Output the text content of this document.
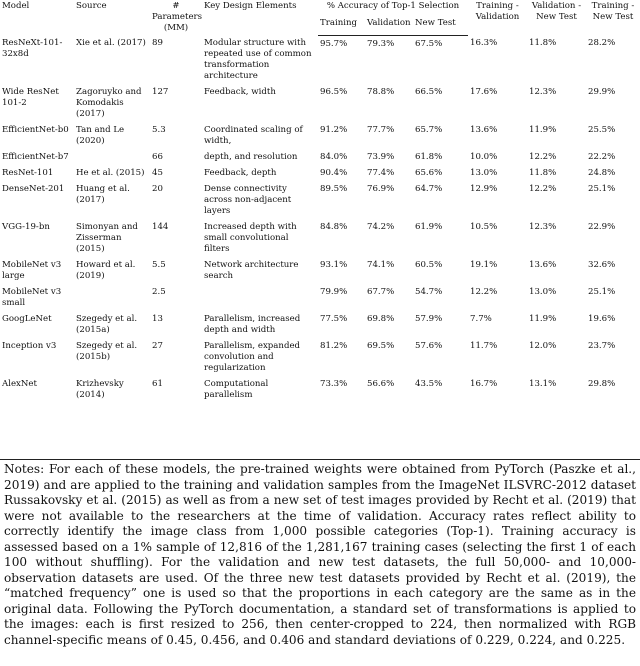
Model	Source	# Parameters (MM)	Key Design Elements	% Accuracy of Top-1 Selection			Training -Validation	Validation -New Test	Training -New Test
				Training	Validation	New Test			
ResNeXt-101-32x8d	Xie et al. (2017)	89	Modular structure with repeated use of common transformation architecture	95.7%	79.3%	67.5%	16.3%	11.8%	28.2%
Wide ResNet 101-2	Zagoruyko and Komodakis (2017)	127	Feedback, width	96.5%	78.8%	66.5%	17.6%	12.3%	29.9%
EfficientNet-b0	Tan and Le (2020)	5.3	Coordinated scaling of width,	91.2%	77.7%	65.7%	13.6%	11.9%	25.5%
EfficientNet-b7		66	depth, and resolution	84.0%	73.9%	61.8%	10.0%	12.2%	22.2%
ResNet-101	He et al. (2015)	45	Feedback, depth	90.4%	77.4%	65.6%	13.0%	11.8%	24.8%
DenseNet-201	Huang et al. (2017)	20	Dense connectivity across non-adjacent layers	89.5%	76.9%	64.7%	12.9%	12.2%	25.1%
VGG-19-bn	Simonyan and Zisserman (2015)	144	Increased depth with small convolutional filters	84.8%	74.2%	61.9%	10.5%	12.3%	22.9%
MobileNet v3 large	Howard et al. (2019)	5.5	Network architecture search	93.1%	74.1%	60.5%	19.1%	13.6%	32.6%
MobileNet v3 small		2.5		79.9%	67.7%	54.7%	12.2%	13.0%	25.1%
GoogLeNet	Szegedy et al. (2015a)	13	Parallelism, increased depth and width	77.5%	69.8%	57.9%	7.7%	11.9%	19.6%
Inception v3	Szegedy et al. (2015b)	27	Parallelism, expanded convolution and regularization	81.2%	69.5%	57.6%	11.7%	12.0%	23.7%
AlexNet	Krizhevsky (2014)	61	Computational parallelism	73.3%	56.6%	43.5%	16.7%	13.1%	29.8%

Notes: For each of these models, the pre-trained weights were obtained from PyTorch (Paszke et al., 2019) and are applied to the training and validation samples from the ImageNet ILSVRC-2012 dataset Russakovsky et al. (2015) as well as from a new set of test images provided by Recht et al. (2019) that were not available to the researchers at the time of validation. Accuracy rates reflect ability to correctly identify the image class from 1,000 possible categories (Top-1). Training accuracy is assessed based on a 1% sample of 12,816 of the 1,281,167 training cases (selecting the first 1 of each 100 without shuffling). For the validation and new test datasets, the full 50,000- and 10,000-observation datasets are used. Of the three new test datasets provided by Recht et al. (2019), the “matched frequency” one is used so that the proportions in each category are the same as in the original data. Following the PyTorch documentation, a standard set of transformations is applied to the images: each is first resized to 256, then center-cropped to 224, then normalized with RGB channel-specific means of 0.45, 0.456, and 0.406 and standard deviations of 0.229, 0.224, and 0.225.
